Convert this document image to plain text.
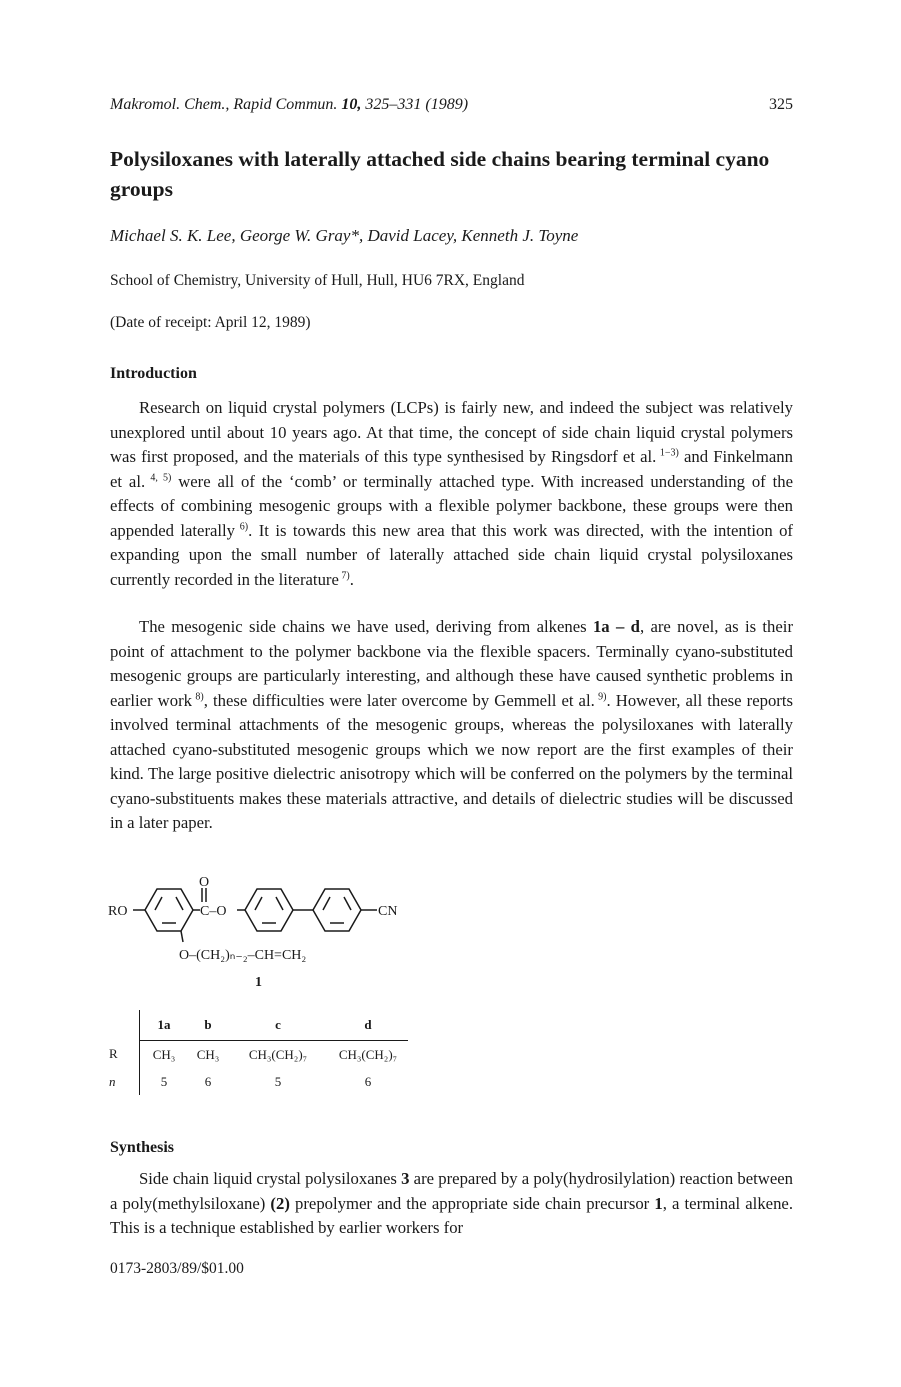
Makromol. Chem., Rapid Commun. 10, 325–331 (1989)	325
Polysiloxanes with laterally attached side chains bearing terminal cyano groups
Michael S. K. Lee, George W. Gray*, David Lacey, Kenneth J. Toyne
School of Chemistry, University of Hull, Hull, HU6 7RX, England
(Date of receipt: April 12, 1989)
Introduction
Research on liquid crystal polymers (LCPs) is fairly new, and indeed the subject was relatively unexplored until about 10 years ago. At that time, the concept of side chain liquid crystal polymers was first proposed, and the materials of this type synthesised by Ringsdorf et al. $^{1-3)}$ and Finkelmann et al. $^{4, 5)}$ were all of the ‘comb’ or terminally attached type. With increased understanding of the effects of combining mesogenic groups with a flexible polymer backbone, these groups were then appended laterally $^{6)}$. It is towards this new area that this work was directed, with the intention of expanding upon the small number of laterally attached side chain liquid crystal polysiloxanes currently recorded in the literature $^{7)}$.
The mesogenic side chains we have used, deriving from alkenes 1a – d, are novel, as is their point of attachment to the polymer backbone via the flexible spacers. Terminally cyano-substituted mesogenic groups are particularly interesting, and although these have caused synthetic problems in earlier work $^{8)}$, these difficulties were later overcome by Gemmell et al. $^{9)}$. However, all these reports involved terminal attachments of the mesogenic groups, whereas the polysiloxanes with laterally attached cyano-substituted mesogenic groups which we now report are the first examples of their kind. The large positive dielectric anisotropy which will be conferred on the polymers by the terminal cyano-substituents makes these materials attractive, and details of dielectric studies will be discussed in a later paper.
O
RO	C–O	CN
O–(CH₂)ₙ₋₂–CH=CH₂
1
	1a	b	c	d
R	CH₃	CH₃	CH₃(CH₂)₇	CH₃(CH₂)₇
n	5	6	5	6
Synthesis
Side chain liquid crystal polysiloxanes 3 are prepared by a poly(hydrosilylation) reaction between a poly(methylsiloxane) (2) prepolymer and the appropriate side chain precursor 1, a terminal alkene. This is a technique established by earlier workers for
0173-2803/89/$01.00
